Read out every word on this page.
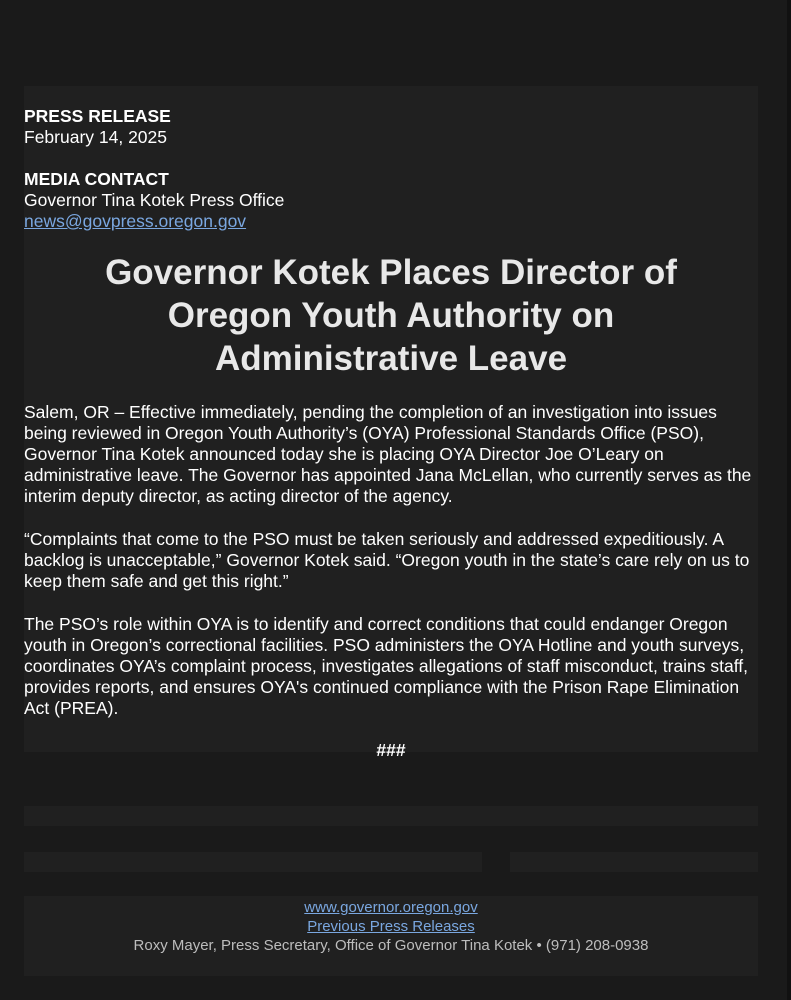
PRESS RELEASE

February 14, 2025

MEDIA CONTACT

Governor Tina Kotek Press Office

news@govpress.oregon.gov
Governor Kotek Places Director of Oregon Youth Authority on Administrative Leave

Salem, OR – Effective immediately, pending the completion of an investigation into issues being reviewed in Oregon Youth Authority’s (OYA) Professional Standards Office (PSO), Governor Tina Kotek announced today she is placing OYA Director Joe O’Leary on administrative leave. The Governor has appointed Jana McLellan, who currently serves as the interim deputy director, as acting director of the agency.

“Complaints that come to the PSO must be taken seriously and addressed expeditiously. A backlog is unacceptable,” Governor Kotek said. “Oregon youth in the state’s care rely on us to keep them safe and get this right.”

The PSO’s role within OYA is to identify and correct conditions that could endanger Oregon youth in Oregon’s correctional facilities. PSO administers the OYA Hotline and youth surveys, coordinates OYA’s complaint process, investigates allegations of staff misconduct, trains staff, provides reports, and ensures OYA's continued compliance with the Prison Rape Elimination Act (PREA).

###

www.governor.oregon.gov
Previous Press Releases
Roxy Mayer, Press Secretary, Office of Governor Tina Kotek • (971) 208-0938
